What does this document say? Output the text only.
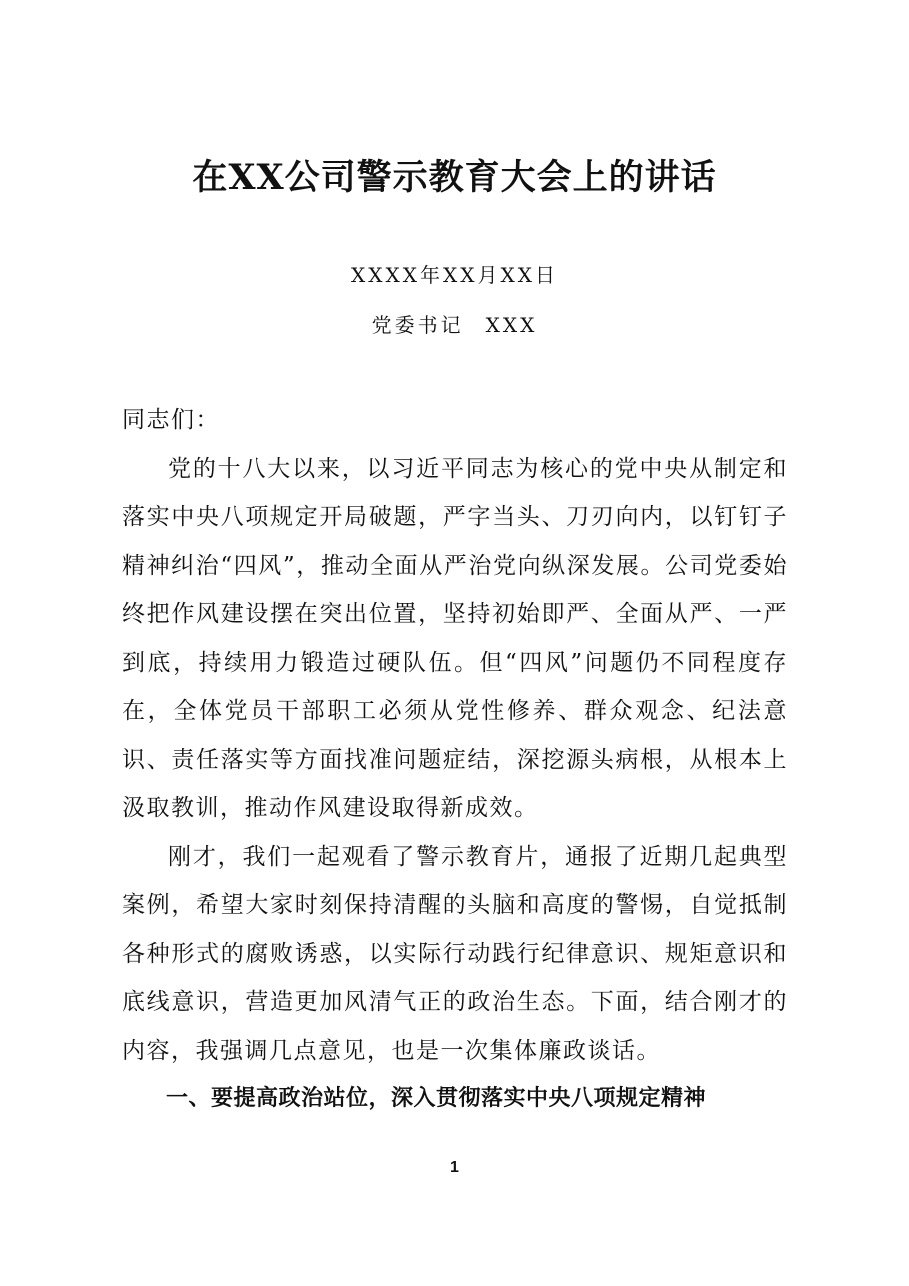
在XX公司警示教育大会上的讲话

XXXX年XX月XX日

党委书记 XXX

同志们：

党的十八大以来，以习近平同志为核心的党中央从制定和落实中央八项规定开局破题，严字当头、刀刃向内，以钉钉子精神纠治“四风”，推动全面从严治党向纵深发展。公司党委始终把作风建设摆在突出位置，坚持初始即严、全面从严、一严到底，持续用力锻造过硬队伍。但“四风”问题仍不同程度存在，全体党员干部职工必须从党性修养、群众观念、纪法意识、责任落实等方面找准问题症结，深挖源头病根，从根本上汲取教训，推动作风建设取得新成效。

刚才，我们一起观看了警示教育片，通报了近期几起典型案例，希望大家时刻保持清醒的头脑和高度的警惕，自觉抵制各种形式的腐败诱惑，以实际行动践行纪律意识、规矩意识和底线意识，营造更加风清气正的政治生态。下面，结合刚才的内容，我强调几点意见，也是一次集体廉政谈话。

一、要提高政治站位，深入贯彻落实中央八项规定精神

1
